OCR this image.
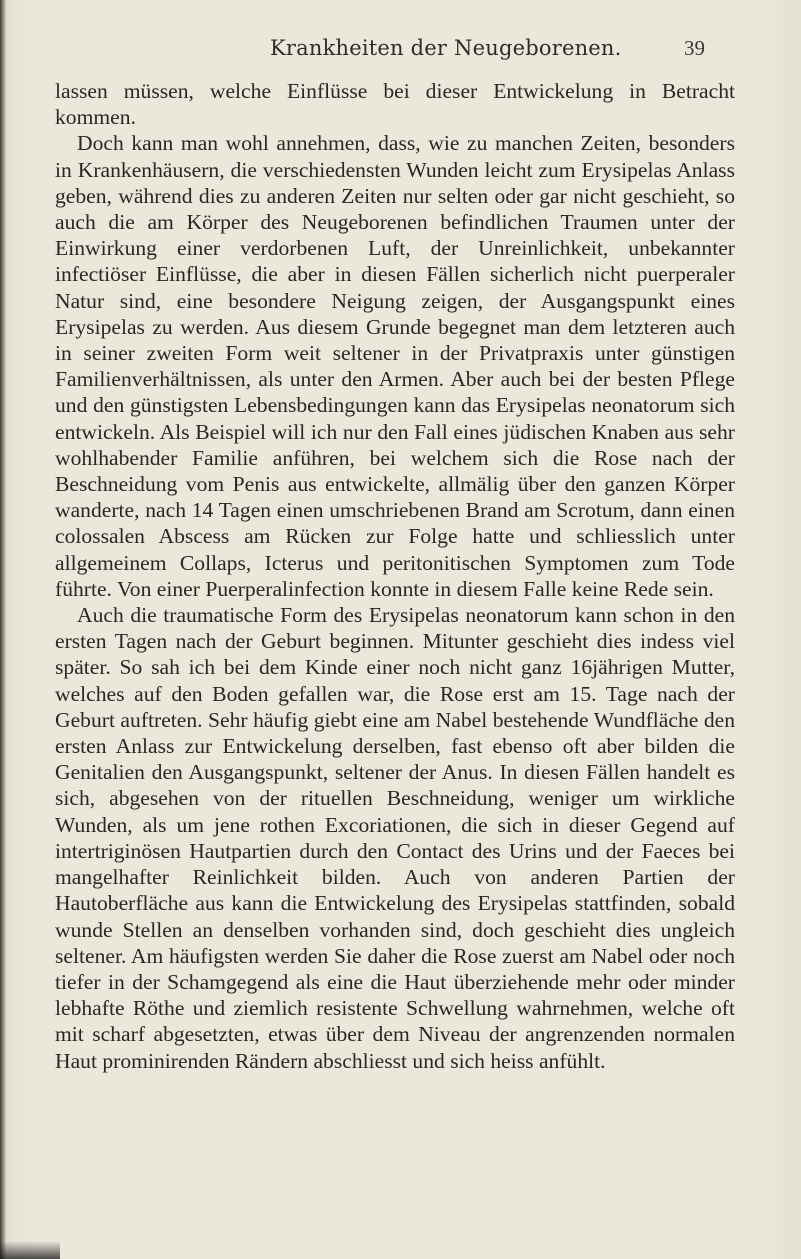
Krankheiten der Neugeborenen.	39

lassen müssen, welche Einflüsse bei dieser Entwickelung in Betracht kommen.

Doch kann man wohl annehmen, dass, wie zu manchen Zeiten, besonders in Krankenhäusern, die verschiedensten Wunden leicht zum Erysipelas Anlass geben, während dies zu anderen Zeiten nur selten oder gar nicht geschieht, so auch die am Körper des Neugeborenen befindlichen Traumen unter der Einwirkung einer verdorbenen Luft, der Unreinlichkeit, unbekannter infectiöser Einflüsse, die aber in diesen Fällen sicherlich nicht puerperaler Natur sind, eine besondere Neigung zeigen, der Ausgangspunkt eines Erysipelas zu werden. Aus diesem Grunde begegnet man dem letzteren auch in seiner zweiten Form weit seltener in der Privatpraxis unter günstigen Familienverhältnissen, als unter den Armen. Aber auch bei der besten Pflege und den günstigsten Lebensbedingungen kann das Erysipelas neonatorum sich entwickeln. Als Beispiel will ich nur den Fall eines jüdischen Knaben aus sehr wohlhabender Familie anführen, bei welchem sich die Rose nach der Beschneidung vom Penis aus entwickelte, allmälig über den ganzen Körper wanderte, nach 14 Tagen einen umschriebenen Brand am Scrotum, dann einen colossalen Abscess am Rücken zur Folge hatte und schliesslich unter allgemeinem Collaps, Icterus und peritonitischen Symptomen zum Tode führte. Von einer Puerperalinfection konnte in diesem Falle keine Rede sein.

Auch die traumatische Form des Erysipelas neonatorum kann schon in den ersten Tagen nach der Geburt beginnen. Mitunter geschieht dies indess viel später. So sah ich bei dem Kinde einer noch nicht ganz 16jährigen Mutter, welches auf den Boden gefallen war, die Rose erst am 15. Tage nach der Geburt auftreten. Sehr häufig giebt eine am Nabel bestehende Wundfläche den ersten Anlass zur Entwickelung derselben, fast ebenso oft aber bilden die Genitalien den Ausgangspunkt, seltener der Anus. In diesen Fällen handelt es sich, abgesehen von der rituellen Beschneidung, weniger um wirkliche Wunden, als um jene rothen Excoriationen, die sich in dieser Gegend auf intertriginösen Hautpartien durch den Contact des Urins und der Faeces bei mangelhafter Reinlichkeit bilden. Auch von anderen Partien der Hautoberfläche aus kann die Entwickelung des Erysipelas stattfinden, sobald wunde Stellen an denselben vorhanden sind, doch geschieht dies ungleich seltener. Am häufigsten werden Sie daher die Rose zuerst am Nabel oder noch tiefer in der Schamgegend als eine die Haut überziehende mehr oder minder lebhafte Röthe und ziemlich resistente Schwellung wahrnehmen, welche oft mit scharf abgesetzten, etwas über dem Niveau der angrenzenden normalen Haut prominirenden Rändern abschliesst und sich heiss anfühlt.
